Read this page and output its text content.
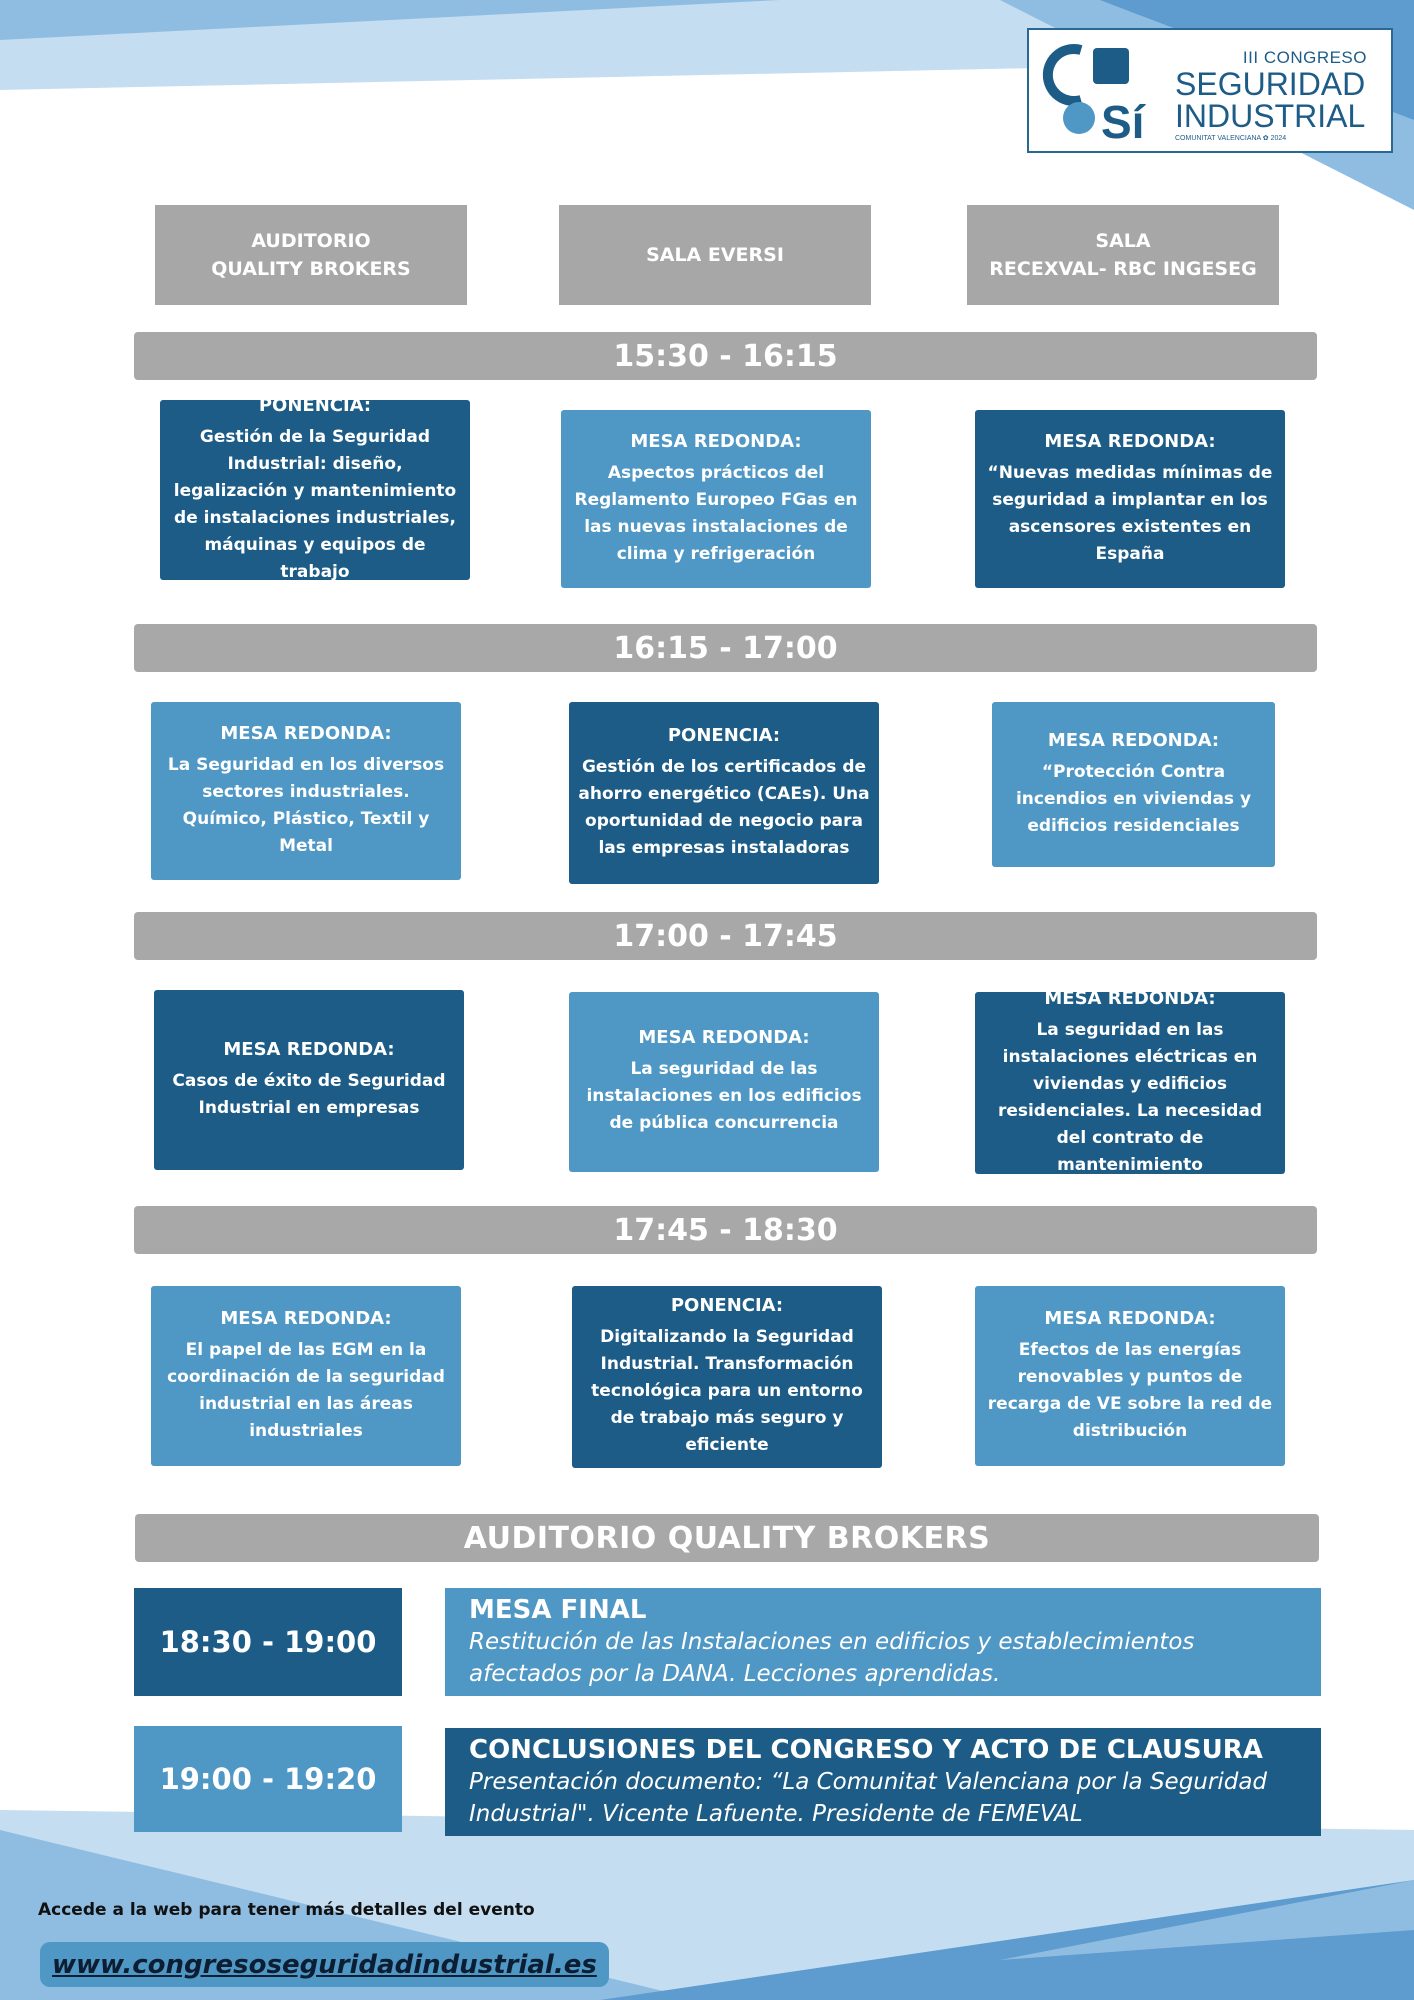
Sí
III CONGRESO
SEGURIDAD
INDUSTRIAL
COMUNITAT VALENCIANA ✿ 2024
AUDITORIO
QUALITY BROKERS
SALA EVERSI
SALA
RECEXVAL- RBC INGESEG
15:30 - 16:15
PONENCIA:
Gestión de la Seguridad Industrial: diseño, legalización y mantenimiento de instalaciones industriales, máquinas y equipos de trabajo
MESA REDONDA:
Aspectos prácticos del Reglamento Europeo FGas en las nuevas instalaciones de clima y refrigeración
MESA REDONDA:
“Nuevas medidas mínimas de seguridad a implantar en los ascensores existentes en España
16:15 - 17:00
MESA REDONDA:
La Seguridad en los diversos sectores industriales. Químico, Plástico, Textil y Metal
PONENCIA:
Gestión de los certificados de ahorro energético (CAEs). Una oportunidad de negocio para las empresas instaladoras
MESA REDONDA:
“Protección Contra incendios en viviendas y edificios residenciales
17:00 - 17:45
MESA REDONDA:
Casos de éxito de Seguridad Industrial en empresas
MESA REDONDA:
La seguridad de las instalaciones en los edificios de pública concurrencia
MESA REDONDA:
La seguridad en las instalaciones eléctricas en viviendas y edificios residenciales. La necesidad del contrato de mantenimiento
17:45 - 18:30
MESA REDONDA:
El papel de las EGM en la coordinación de la seguridad industrial en las áreas industriales
PONENCIA:
Digitalizando la Seguridad Industrial. Transformación tecnológica para un entorno de trabajo más seguro y eficiente
MESA REDONDA:
Efectos de las energías renovables y puntos de recarga de VE sobre la red de distribución
AUDITORIO QUALITY BROKERS
18:30 - 19:00
MESA FINAL
Restitución de las Instalaciones en edificios y establecimientos afectados por la DANA. Lecciones aprendidas.
19:00 - 19:20
CONCLUSIONES DEL CONGRESO Y ACTO DE CLAUSURA
Presentación documento: “La Comunitat Valenciana por la Seguridad Industrial". Vicente Lafuente. Presidente de FEMEVAL
Accede a la web para tener más detalles del evento
www.congresoseguridadindustrial.es
